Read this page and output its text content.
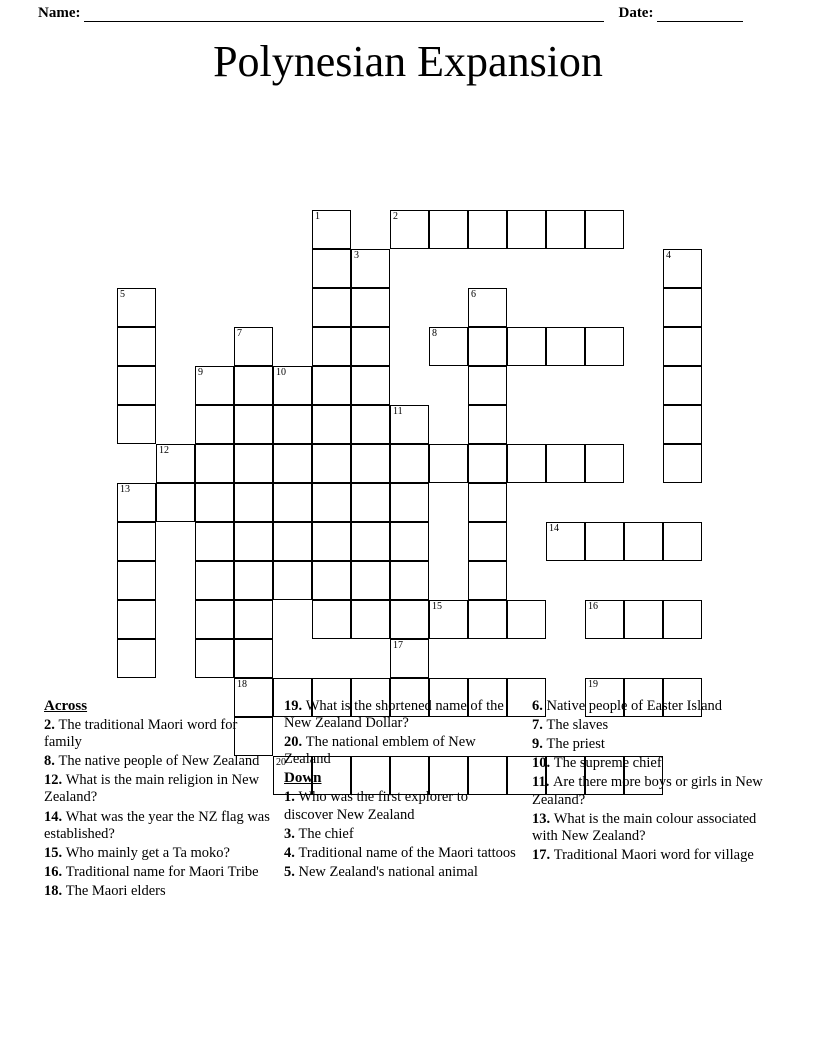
Name:	Date:
Polynesian Expansion
1	2
3	4
5	6
7	8
9	10
11
12
13
14
15	16
17
18	19
20
Across
2. The traditional Maori word for family
8. The native people of New Zealand
12. What is the main religion in New Zealand?
14. What was the year the NZ flag was established?
15. Who mainly get a Ta moko?
16. Traditional name for Maori Tribe
18. The Maori elders
19. What is the shortened name of the New Zealand Dollar?
20. The national emblem of New Zealand
Down
1. Who was the first explorer to discover New Zealand
3. The chief
4. Traditional name of the Maori tattoos
5. New Zealand's national animal
6. Native people of Easter Island
7. The slaves
9. The priest
10. The supreme chief
11. Are there more boys or girls in New Zealand?
13. What is the main colour associated with New Zealand?
17. Traditional Maori word for village
